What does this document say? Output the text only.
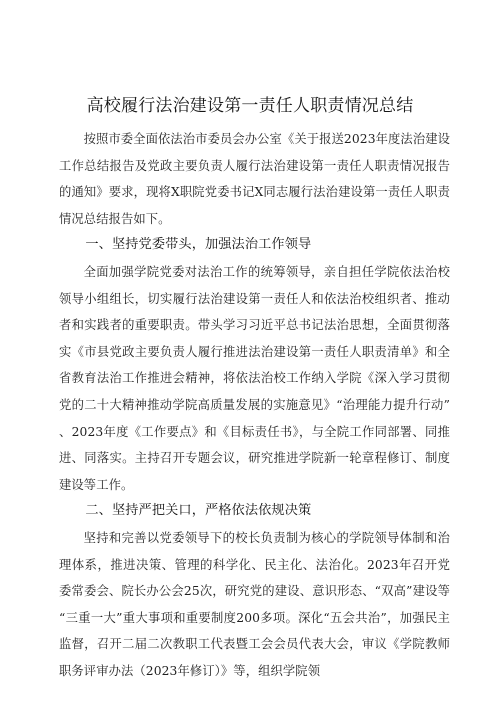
高校履行法治建设第一责任人职责情况总结

按照市委全面依法治市委员会办公室《关于报送2023年度法治建设工作总结报告及党政主要负责人履行法治建设第一责任人职责情况报告的通知》要求，现将X职院党委书记X同志履行法治建设第一责任人职责情况总结报告如下。

一、坚持党委带头，加强法治工作领导

全面加强学院党委对法治工作的统筹领导，亲自担任学院依法治校领导小组组长，切实履行法治建设第一责任人和依法治校组织者、推动者和实践者的重要职责。带头学习习近平总书记法治思想，全面贯彻落实《市县党政主要负责人履行推进法治建设第一责任人职责清单》和全省教育法治工作推进会精神，将依法治校工作纳入学院《深入学习贯彻党的二十大精神推动学院高质量发展的实施意见》“治理能力提升行动”、2023年度《工作要点》和《目标责任书》，与全院工作同部署、同推进、同落实。主持召开专题会议，研究推进学院新一轮章程修订、制度建设等工作。

二、坚持严把关口，严格依法依规决策

坚持和完善以党委领导下的校长负责制为核心的学院领导体制和治理体系，推进决策、管理的科学化、民主化、法治化。2023年召开党委常委会、院长办公会25次，研究党的建设、意识形态、“双高”建设等“三重一大”重大事项和重要制度200多项。深化“五会共治”，加强民主监督，召开二届二次教职工代表暨工会会员代表大会，审议《学院教师职务评审办法（2023年修订）》等，组织学院领
